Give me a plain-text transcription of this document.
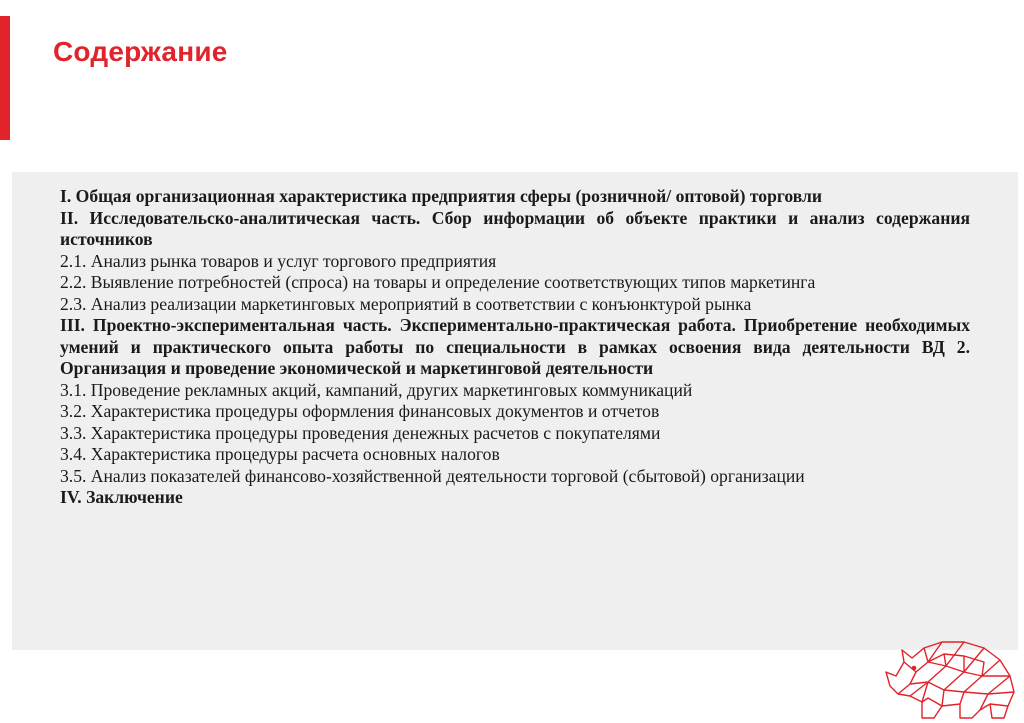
Содержание
I. Общая организационная характеристика предприятия сферы (розничной/ оптовой) торговли
II. Исследовательско-аналитическая часть. Сбор информации об объекте практики и анализ содержания источников
2.1. Анализ рынка товаров и услуг торгового предприятия
2.2. Выявление потребностей (спроса) на товары и определение соответствующих типов маркетинга
2.3. Анализ реализации маркетинговых мероприятий в соответствии с конъюнктурой рынка
III. Проектно-экспериментальная часть. Экспериментально-практическая работа. Приобретение необходимых умений и практического опыта работы по специальности в рамках освоения вида деятельности ВД 2. Организация и проведение экономической и маркетинговой деятельности
3.1. Проведение рекламных акций, кампаний, других маркетинговых коммуникаций
3.2. Характеристика процедуры оформления финансовых документов и отчетов
3.3. Характеристика процедуры проведения денежных расчетов с покупателями
3.4. Характеристика процедуры расчета основных налогов
3.5. Анализ показателей финансово-хозяйственной деятельности торговой (сбытовой) организации
IV. Заключение
